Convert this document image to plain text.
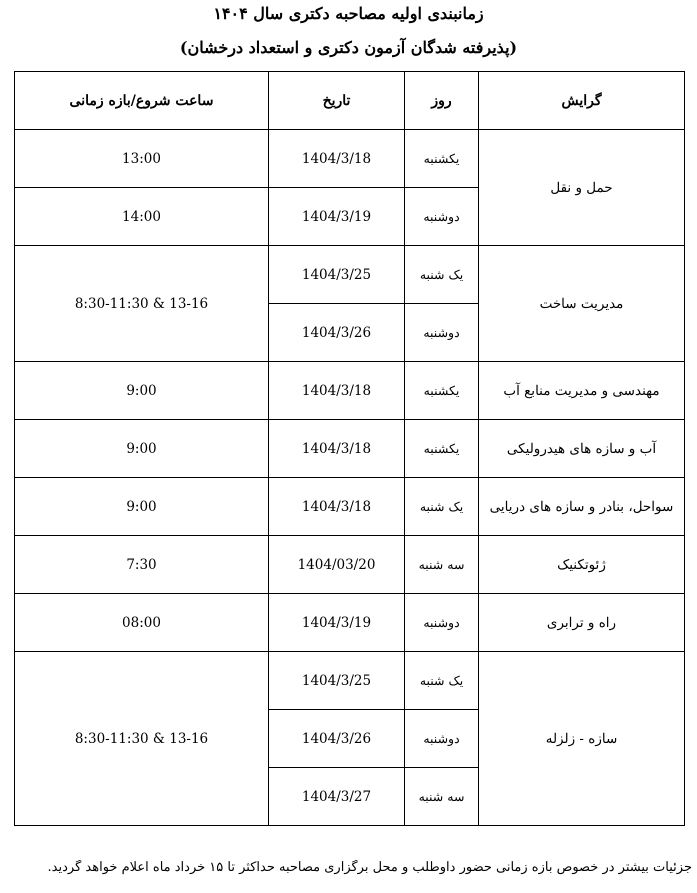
زمانبندی اولیه مصاحبه دکتری سال ۱۴۰۴
(پذیرفته شدگان آزمون دکتری و استعداد درخشان)
ساعت شروع/بازه زمانی	تاریخ	روز	گرایش
13:00	1404/3/18	یکشنبه	حمل و نقل
14:00	1404/3/19	دوشنبه	
8:30-11:30 & 13-16	1404/3/25	یک شنبه	مدیریت ساخت
	1404/3/26	دوشنبه	
9:00	1404/3/18	یکشنبه	مهندسی و مدیریت منابع آب
9:00	1404/3/18	یکشنبه	آب و سازه های هیدرولیکی
9:00	1404/3/18	یک شنبه	سواحل، بنادر و سازه های دریایی
7:30	1404/03/20	سه شنبه	ژئوتکنیک
08:00	1404/3/19	دوشنبه	راه و ترابری
8:30-11:30 & 13-16	1404/3/25	یک شنبه	سازه - زلزله
	1404/3/26	دوشنبه	
	1404/3/27	سه شنبه	
جزئیات بیشتر در خصوص بازه زمانی حضور داوطلب و محل برگزاری مصاحبه حداکثر تا ۱۵ خرداد ماه اعلام خواهد گردید.
